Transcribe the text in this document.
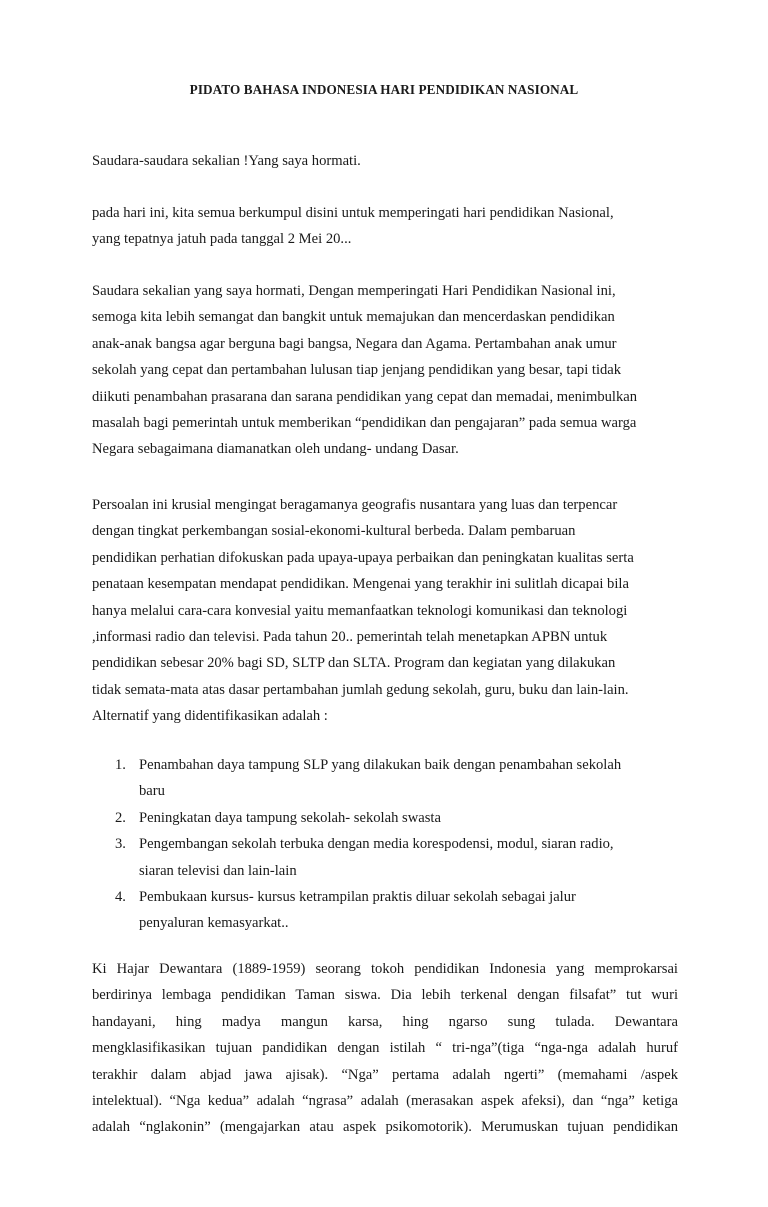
PIDATO BAHASA INDONESIA HARI PENDIDIKAN NASIONAL
Saudara-saudara sekalian !Yang saya hormati.
pada hari ini, kita semua berkumpul disini untuk memperingati hari pendidikan Nasional,
yang tepatnya jatuh pada tanggal 2 Mei 20...
Saudara sekalian yang saya hormati, Dengan memperingati Hari Pendidikan Nasional ini,
semoga kita lebih semangat dan bangkit untuk memajukan dan mencerdaskan pendidikan
anak-anak bangsa agar berguna bagi bangsa, Negara dan Agama. Pertambahan anak umur
sekolah yang cepat dan pertambahan lulusan tiap jenjang pendidikan yang besar, tapi tidak
diikuti penambahan prasarana dan sarana pendidikan yang cepat dan memadai, menimbulkan
masalah bagi pemerintah untuk memberikan “pendidikan dan pengajaran” pada semua warga
Negara sebagaimana diamanatkan oleh undang- undang Dasar.
Persoalan ini krusial mengingat beragamanya geografis nusantara yang luas dan terpencar
dengan tingkat perkembangan sosial-ekonomi-kultural berbeda. Dalam pembaruan
pendidikan perhatian difokuskan pada upaya-upaya perbaikan dan peningkatan kualitas serta
penataan kesempatan mendapat pendidikan. Mengenai yang terakhir ini sulitlah dicapai bila
hanya melalui cara-cara konvesial yaitu memanfaatkan teknologi komunikasi dan teknologi
,informasi radio dan televisi. Pada tahun 20.. pemerintah telah menetapkan APBN untuk
pendidikan sebesar 20% bagi SD, SLTP dan SLTA. Program dan kegiatan yang dilakukan
tidak semata-mata atas dasar pertambahan jumlah gedung sekolah, guru, buku dan lain-lain.
Alternatif yang didentifikasikan adalah :
1. Penambahan daya tampung SLP yang dilakukan baik dengan penambahan sekolah
baru
2. Peningkatan daya tampung sekolah- sekolah swasta
3. Pengembangan sekolah terbuka dengan media korespodensi, modul, siaran radio,
siaran televisi dan lain-lain
4. Pembukaan kursus- kursus ketrampilan praktis diluar sekolah sebagai jalur
penyaluran kemasyarkat..
Ki Hajar Dewantara (1889-1959) seorang tokoh pendidikan Indonesia yang memprokarsai
berdirinya lembaga pendidikan Taman siswa. Dia lebih terkenal dengan filsafat” tut wuri
handayani, hing madya mangun karsa, hing ngarso sung tulada. Dewantara
mengklasifikasikan tujuan pandidikan dengan istilah “ tri-nga”(tiga “nga-nga adalah huruf
terakhir dalam abjad jawa ajisak). “Nga” pertama adalah ngerti” (memahami /aspek
intelektual). “Nga kedua” adalah “ngrasa” adalah (merasakan aspek afeksi), dan “nga” ketiga
adalah “nglakonin” (mengajarkan atau aspek psikomotorik). Merumuskan tujuan pendidikan
